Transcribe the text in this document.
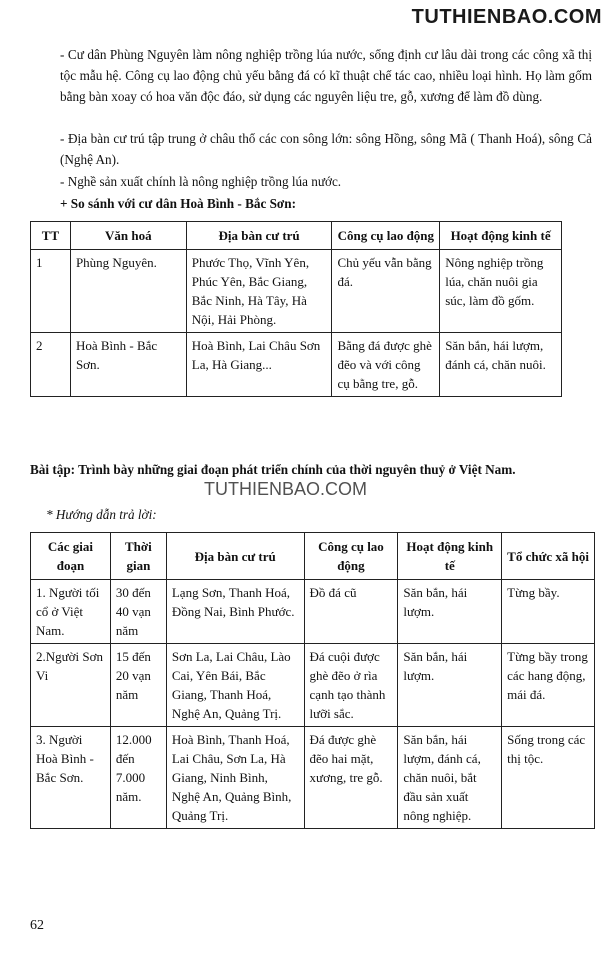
TUTHIENBAO.COM
- Cư dân Phùng Nguyên làm nông nghiệp trồng lúa nước, sống định cư lâu dài trong các công xã thị tộc mẫu hệ. Công cụ lao động chủ yếu bằng đá có kĩ thuật chế tác cao, nhiều loại hình. Họ làm gốm bằng bàn xoay có hoa văn độc đáo, sử dụng các nguyên liệu tre, gỗ, xương để làm đồ dùng.
- Địa bàn cư trú tập trung ở châu thổ các con sông lớn: sông Hồng, sông Mã ( Thanh Hoá), sông Cả (Nghệ An).
- Nghề sản xuất chính là nông nghiệp trồng lúa nước.
+ So sánh với cư dân Hoà Bình - Bắc Sơn:
TT	Văn hoá	Địa bàn cư trú	Công cụ lao động	Hoạt động kinh tế
1	Phùng Nguyên.	Phước Thọ, Vĩnh Yên, Phúc Yên, Bắc Giang, Bắc Ninh, Hà Tây, Hà Nội, Hải Phòng.	Chủ yếu vẫn bằng đá.	Nông nghiệp trồng lúa, chăn nuôi gia súc, làm đồ gốm.
2	Hoà Bình - Bắc Sơn.	Hoà Bình, Lai Châu Sơn La, Hà Giang...	Bằng đá được ghè đẽo và với công cụ bằng tre, gỗ.	Săn bắn, hái lượm, đánh cá, chăn nuôi.
Bài tập: Trình bày những giai đoạn phát triển chính của thời nguyên thuỷ ở Việt Nam.
TUTHIENBAO.COM
* Hướng dẫn trả lời:
Các giai đoạn	Thời gian	Địa bàn cư trú	Công cụ lao động	Hoạt động kinh tế	Tổ chức xã hội
1. Người tối cổ ở Việt Nam.	30 đến 40 vạn năm	Lạng Sơn, Thanh Hoá, Đồng Nai, Bình Phước.	Đồ đá cũ	Săn bắn, hái lượm.	Từng bầy.
2.Người Sơn Vi	15 đến 20 vạn năm	Sơn La, Lai Châu, Lào Cai, Yên Bái, Bắc Giang, Thanh Hoá, Nghệ An, Quảng Trị.	Đá cuội được ghè đẽo ở rìa cạnh tạo thành lưỡi sắc.	Săn bắn, hái lượm.	Từng bầy trong các hang động, mái đá.
3. Người Hoà Bình - Bắc Sơn.	12.000 đến 7.000 năm.	Hoà Bình, Thanh Hoá, Lai Châu, Sơn La, Hà Giang, Ninh Bình, Nghệ An, Quảng Bình, Quảng Trị.	Đá được ghè đẽo hai mặt, xương, tre gỗ.	Săn bắn, hái lượm, đánh cá, chăn nuôi, bắt đầu sản xuất nông nghiệp.	Sống trong các thị tộc.
62
